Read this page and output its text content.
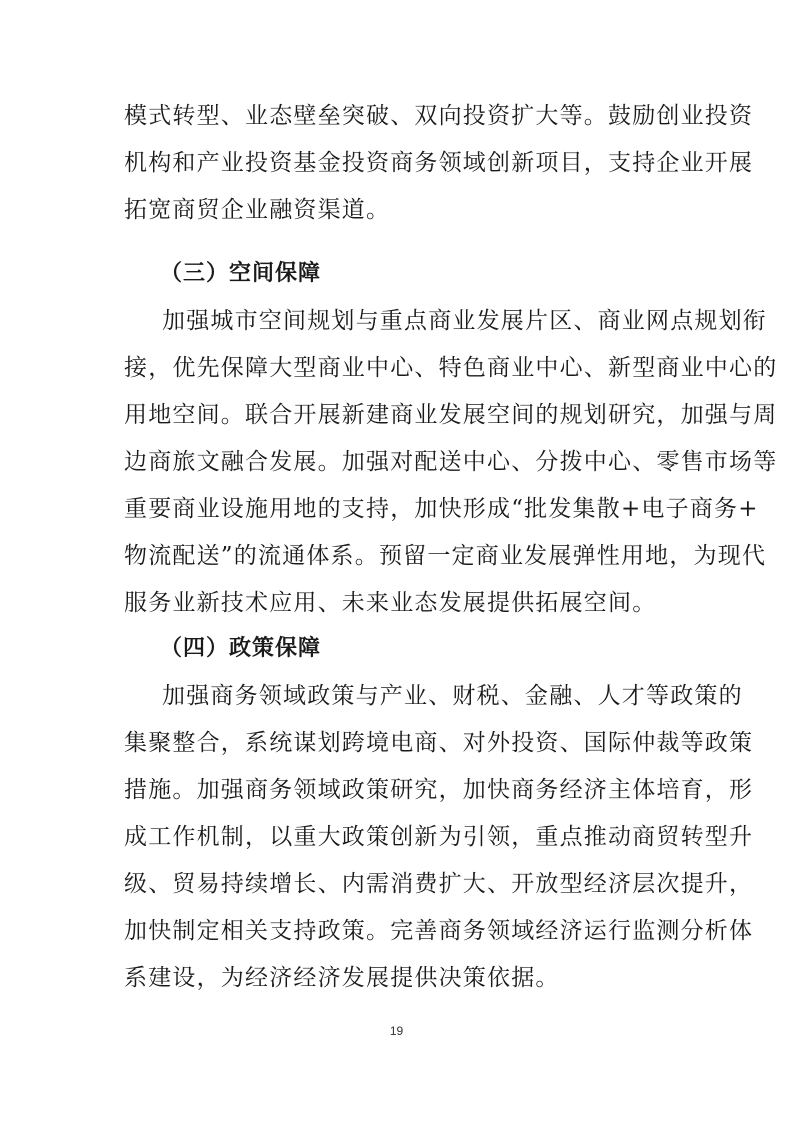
模式转型、业态壁垒突破、双向投资扩大等。鼓励创业投资
机构和产业投资基金投资商务领域创新项目，支持企业开展
拓宽商贸企业融资渠道。
（三）空间保障
加强城市空间规划与重点商业发展片区、商业网点规划衔
接，优先保障大型商业中心、特色商业中心、新型商业中心的
用地空间。联合开展新建商业发展空间的规划研究，加强与周
边商旅文融合发展。加强对配送中心、分拨中心、零售市场等
重要商业设施用地的支持，加快形成“批发集散+电子商务+
物流配送”的流通体系。预留一定商业发展弹性用地，为现代
服务业新技术应用、未来业态发展提供拓展空间。
（四）政策保障
加强商务领域政策与产业、财税、金融、人才等政策的
集聚整合，系统谋划跨境电商、对外投资、国际仲裁等政策
措施。加强商务领域政策研究，加快商务经济主体培育，形
成工作机制，以重大政策创新为引领，重点推动商贸转型升
级、贸易持续增长、内需消费扩大、开放型经济层次提升，
加快制定相关支持政策。完善商务领域经济运行监测分析体
系建设，为经济经济发展提供决策依据。
19
